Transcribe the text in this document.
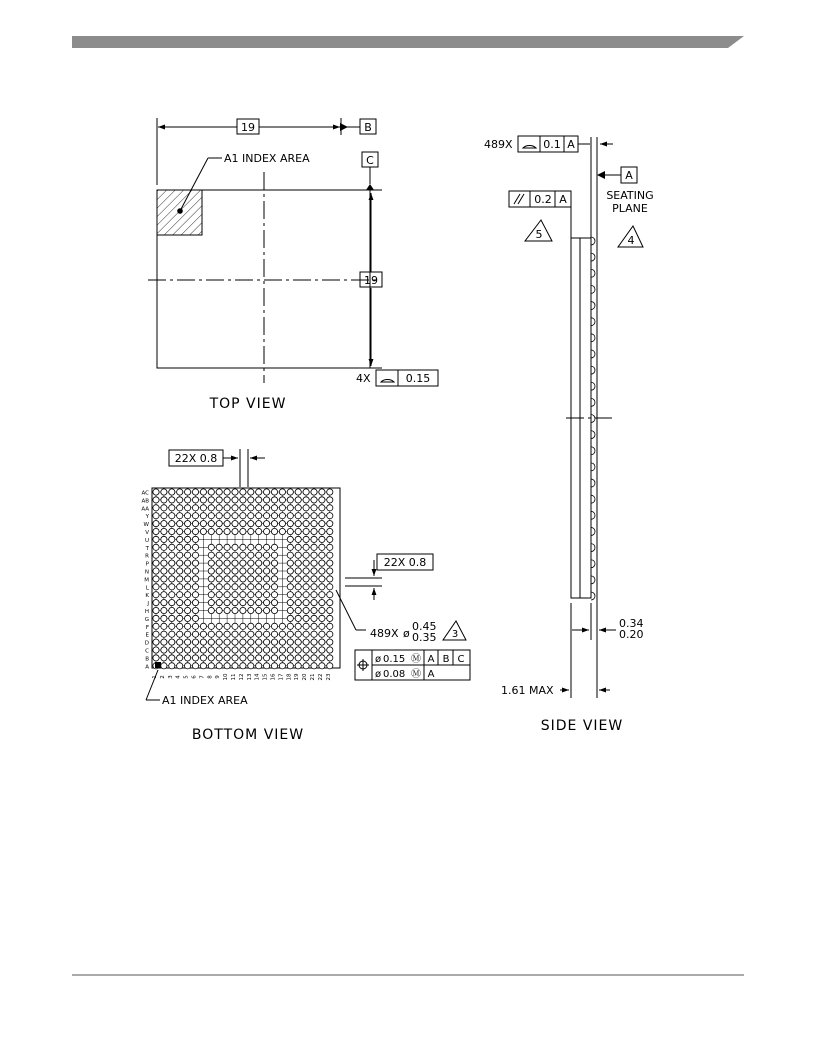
TOP VIEW
19	B
C
19
A1 INDEX AREA
4X	0.15
AC
AB
AA
Y
W
V
U
T
R
P
N
M
L
K
J
H
G
F
E
D
C
B
A
1 2 3 4 5 6 7 8 9 10 11 12 13 14 15 16 17 18 19 20 21 22 23
BOTTOM VIEW
22X 0.8
22X 0.8
A1 INDEX AREA
489X ø
0.45
0.35 3
ø 0.15 Ⓜ A B C
ø 0.08 Ⓜ A
SIDE VIEW
489X	0.1 A
A
0.2 A
5	4
SEATING
PLANE
0.34
0.20
1.61 MAX
